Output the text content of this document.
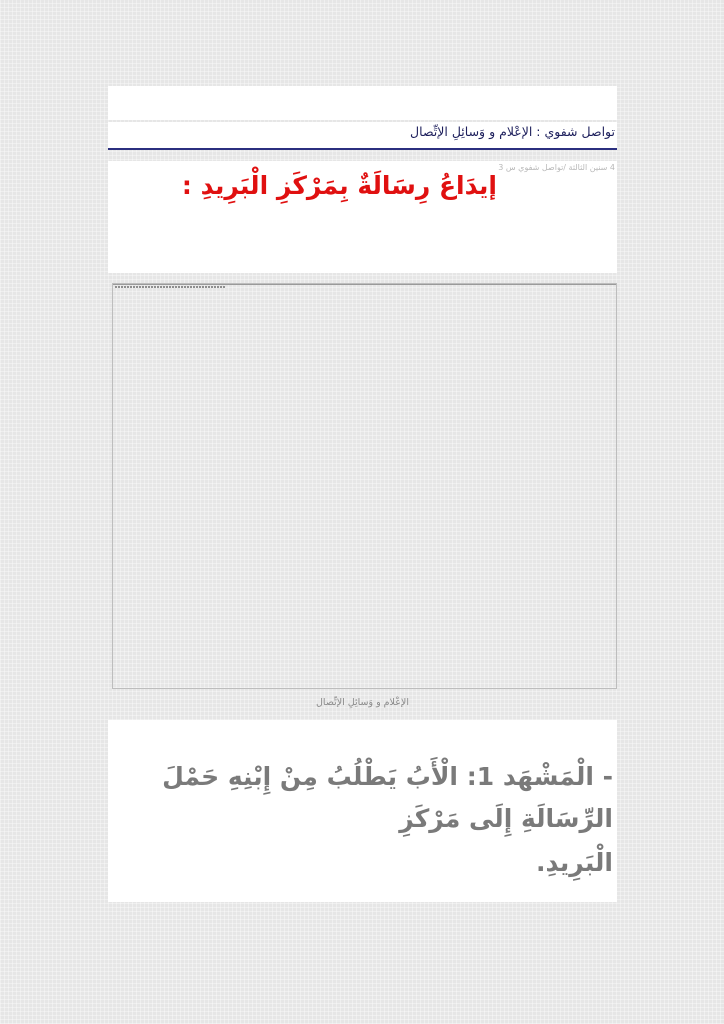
تواصل شفوي : الإعْلام و وَسائِلِ الإتِّصال
4 سنين الثالثة /تواصل شفوي س 3
إيدَاعُ رِسَالَةٌ بِمَرْكَزِ الْبَرِيدِ :
الإعْلام و وَسائِلِ الإتِّصال
- الْمَشْهَد 1: الْأَبُ يَطْلُبُ مِنْ إِبْنِهِ حَمْلَ الرِّسَالَةِ إِلَى مَرْكَزِ
الْبَرِيدِ.
